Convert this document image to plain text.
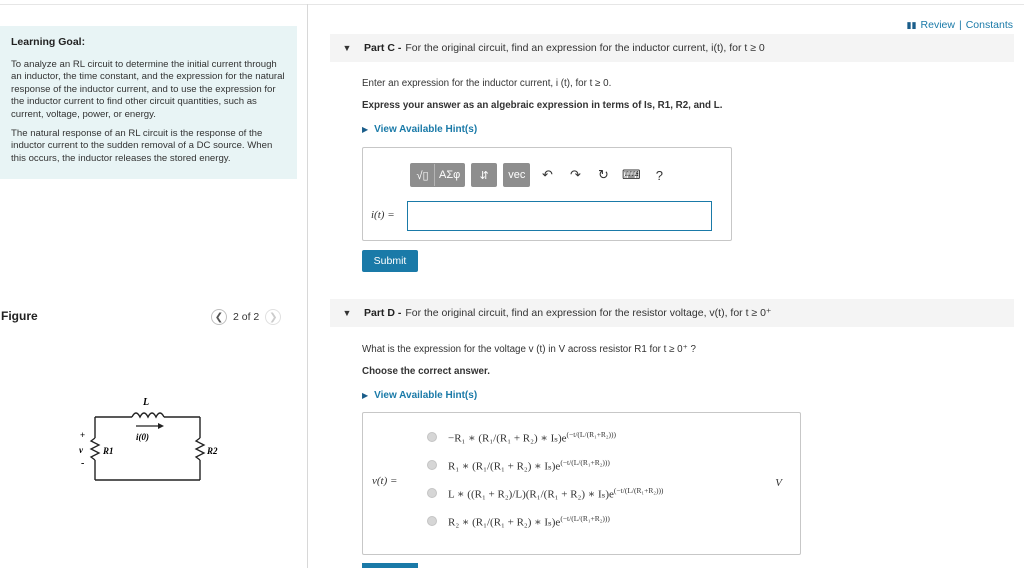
Learning Goal:

To analyze an RL circuit to determine the initial current through an inductor, the time constant, and the expression for the natural response of the inductor current, and to use the expression for the inductor current to find other circuit quantities, such as current, voltage, power, or energy.

The natural response of an RL circuit is the response of the inductor current to the sudden removal of a DC source. When this occurs, the inductor releases the stored energy.

Figure	❮ 2 of 2 ❯
L
i(0)
R1	R2
+
v
-
▮▮ Review | Constants
▼	Part C - For the original circuit, find an expression for the inductor current, i(t), for t ≥ 0
Enter an expression for the inductor current, i (t), for t ≥ 0.
Express your answer as an algebraic expression in terms of Is, R1, R2, and L.
▶ View Available Hint(s)
√▯ ΑΣφ	⇵	vec	↶	↷	↻	⌨	?
i(t) =
Submit
▼	Part D - For the original circuit, find an expression for the resistor voltage, v(t), for t ≥ 0⁺
What is the expression for the voltage v (t) in V across resistor R1 for t ≥ 0⁺ ?
Choose the correct answer.
▶ View Available Hint(s)
v(t) =	V
−R₁ ∗ (R₁/(R₁ + R₂) ∗ $I_s)e^{(-t/(L/(R_1+R_2)))}$
R₁ ∗ (R₁/(R₁ + R₂) ∗ $I_s)e^{(-t/(L/(R_1+R_2)))}$
L ∗ ((R₁ + R₂)/L)(R₁/(R₁ + R₂) ∗ $I_s)e^{(-t/(L/(R_1+R_2)))}$
R₂ ∗ (R₁/(R₁ + R₂) ∗ $I_s)e^{(-t/(L/(R_1+R_2)))}$
